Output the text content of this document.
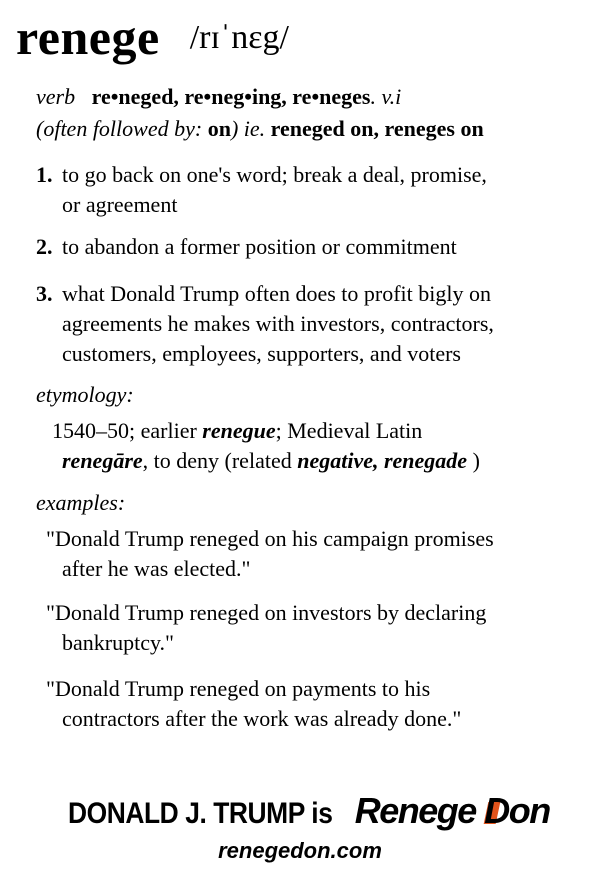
renege /rɪˈnɛg/
verb re•neged, re•neg•ing, re•neges. v.i
(often followed by: on) ie. reneged on, reneges on
1. to go back on one's word; break a deal, promise,
or agreement
2. to abandon a former position or commitment
3. what Donald Trump often does to profit bigly on
agreements he makes with investors, contractors,
customers, employees, supporters, and voters
etymology:
1540–50; earlier renegue; Medieval Latin
renegāre, to deny (related negative, renegade )
examples:
"Donald Trump reneged on his campaign promises
after he was elected."
"Donald Trump reneged on investors by declaring
bankruptcy."
"Donald Trump reneged on payments to his
contractors after the work was already done."
DONALD J. TRUMP is Renege Don
renegedon.com
